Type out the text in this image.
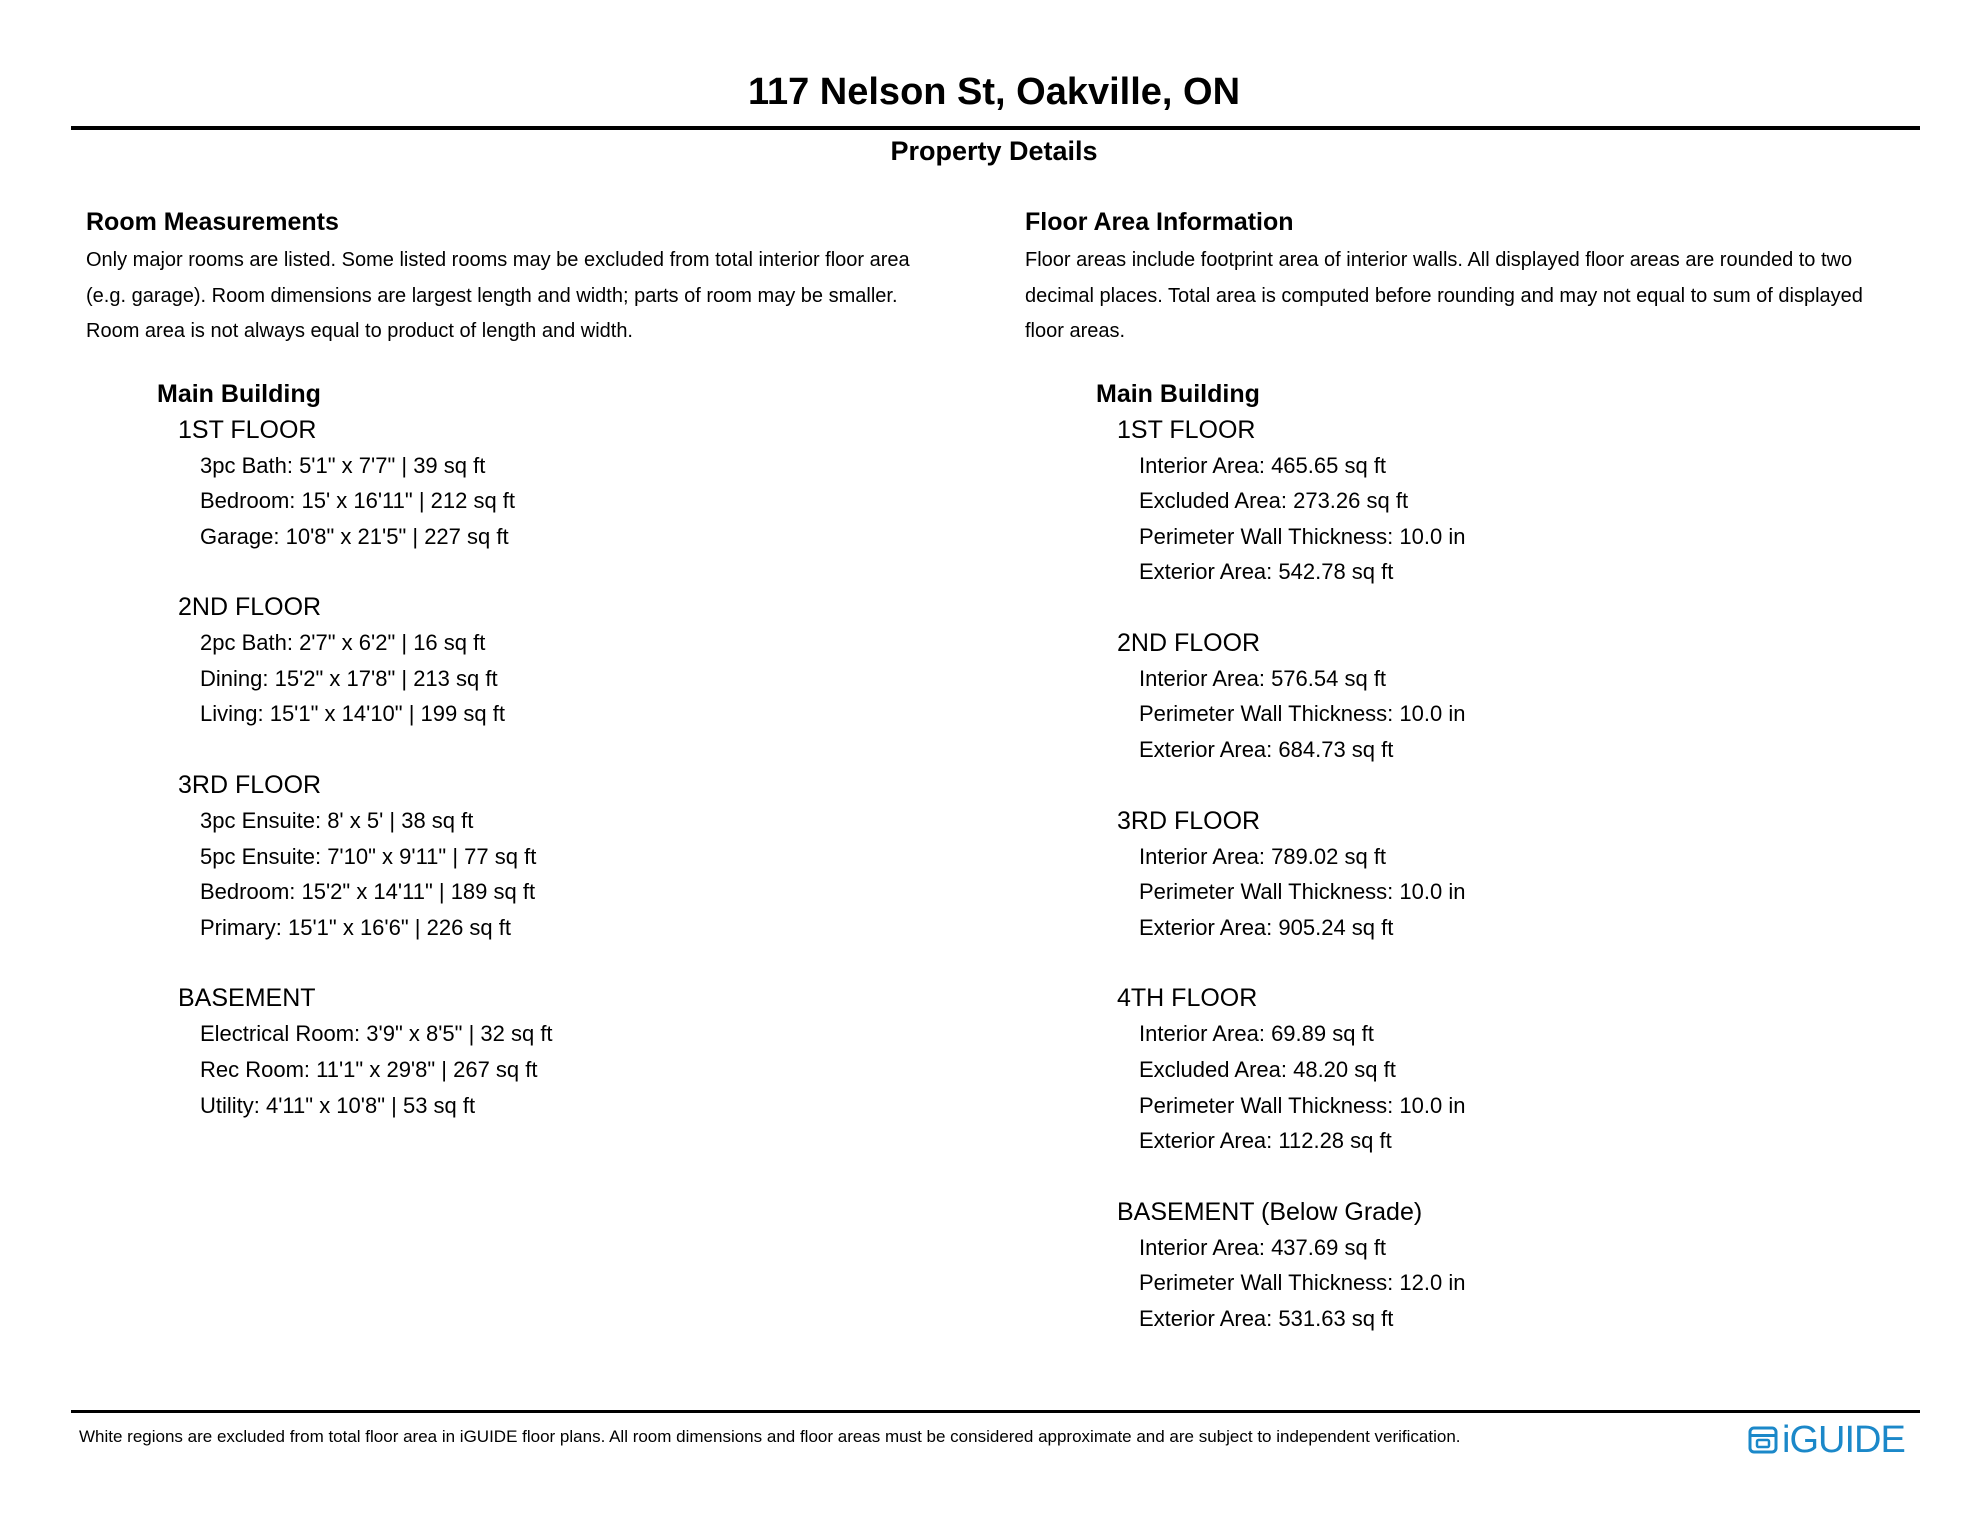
117 Nelson St, Oakville, ON
Property Details
Room Measurements
Only major rooms are listed. Some listed rooms may be excluded from total interior floor area
(e.g. garage). Room dimensions are largest length and width; parts of room may be smaller.
Room area is not always equal to product of length and width.
Main Building
1ST FLOOR
3pc Bath: 5'1" x 7'7" | 39 sq ft
Bedroom: 15' x 16'11" | 212 sq ft
Garage: 10'8" x 21'5" | 227 sq ft
2ND FLOOR
2pc Bath: 2'7" x 6'2" | 16 sq ft
Dining: 15'2" x 17'8" | 213 sq ft
Living: 15'1" x 14'10" | 199 sq ft
3RD FLOOR
3pc Ensuite: 8' x 5' | 38 sq ft
5pc Ensuite: 7'10" x 9'11" | 77 sq ft
Bedroom: 15'2" x 14'11" | 189 sq ft
Primary: 15'1" x 16'6" | 226 sq ft
BASEMENT
Electrical Room: 3'9" x 8'5" | 32 sq ft
Rec Room: 11'1" x 29'8" | 267 sq ft
Utility: 4'11" x 10'8" | 53 sq ft
Floor Area Information
Floor areas include footprint area of interior walls. All displayed floor areas are rounded to two
decimal places. Total area is computed before rounding and may not equal to sum of displayed
floor areas.
Main Building
1ST FLOOR
Interior Area: 465.65 sq ft
Excluded Area: 273.26 sq ft
Perimeter Wall Thickness: 10.0 in
Exterior Area: 542.78 sq ft
2ND FLOOR
Interior Area: 576.54 sq ft
Perimeter Wall Thickness: 10.0 in
Exterior Area: 684.73 sq ft
3RD FLOOR
Interior Area: 789.02 sq ft
Perimeter Wall Thickness: 10.0 in
Exterior Area: 905.24 sq ft
4TH FLOOR
Interior Area: 69.89 sq ft
Excluded Area: 48.20 sq ft
Perimeter Wall Thickness: 10.0 in
Exterior Area: 112.28 sq ft
BASEMENT (Below Grade)
Interior Area: 437.69 sq ft
Perimeter Wall Thickness: 12.0 in
Exterior Area: 531.63 sq ft
White regions are excluded from total floor area in iGUIDE floor plans. All room dimensions and floor areas must be considered approximate and are subject to independent verification.	iGUIDE
